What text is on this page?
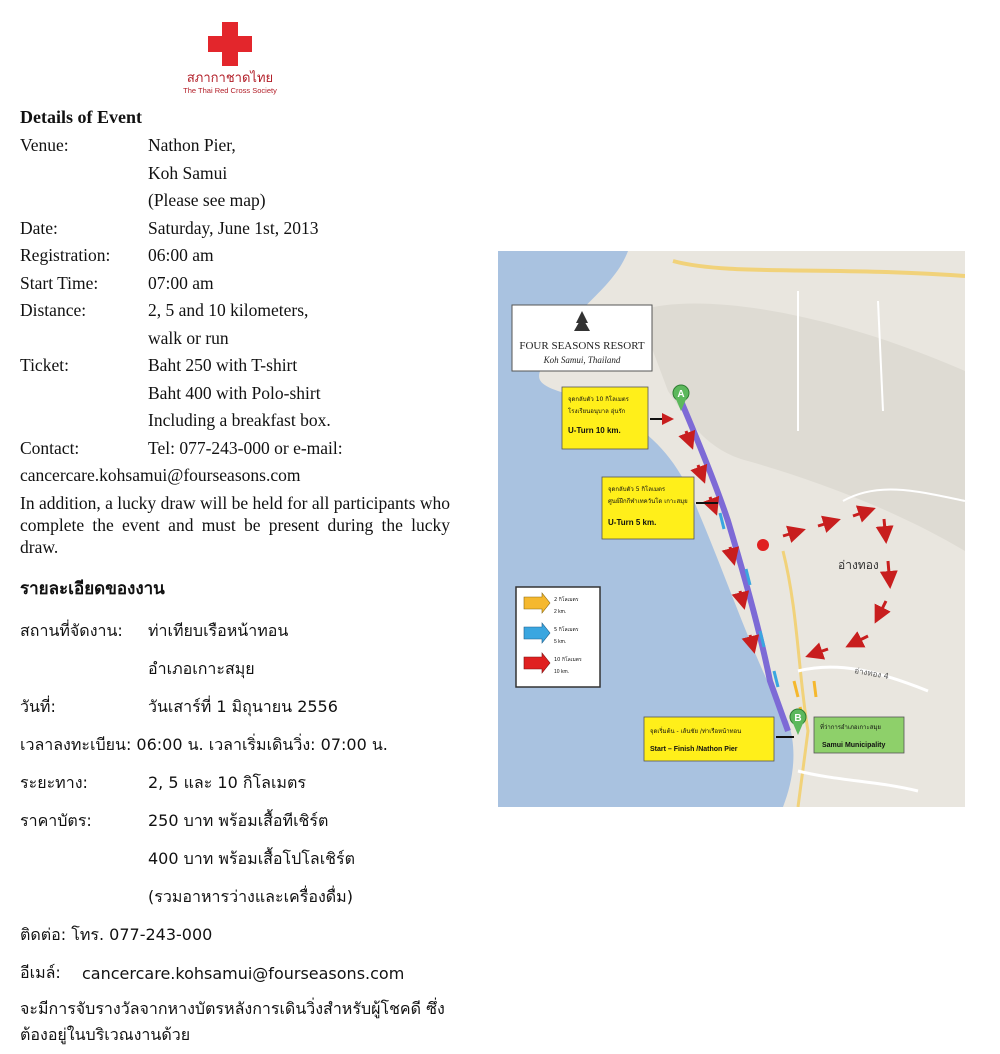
สภากาชาดไทย
The Thai Red Cross Society
Details of Event
Venue:	Nathon Pier,
Koh Samui
(Please see map)
Date:	Saturday, June 1st, 2013
Registration:	06:00 am
Start Time:	07:00 am
Distance:	2, 5 and 10 kilometers,
walk or run
Ticket:	Baht 250 with T-shirt
Baht 400 with Polo-shirt
Including a breakfast box.
Contact:	Tel: 077-243-000 or e-mail:
cancercare.kohsamui@fourseasons.com
In addition, a lucky draw will be held for all participants who complete the event and must be present during the lucky draw.
รายละเอียดของงาน
สถานที่จัดงาน:	ท่าเทียบเรือหน้าทอน
อำเภอเกาะสมุย
วันที่:	วันเสาร์ที่ 1 มิถุนายน 2556
เวลาลงทะเบียน: 06:00 น. เวลาเริ่มเดินวิ่ง: 07:00 น.
ระยะทาง:	2, 5 และ 10 กิโลเมตร
ราคาบัตร:	250 บาท พร้อมเสื้อทีเชิร์ต
400 บาท พร้อมเสื้อโปโลเชิร์ต
(รวมอาหารว่างและเครื่องดื่ม)
ติดต่อ: โทร. 077-243-000
อีเมล์:	cancercare.kohsamui@fourseasons.com
จะมีการจับรางวัลจากหางบัตรหลังการเดินวิ่งสำหรับผู้โชคดี ซึ่งต้องอยู่ในบริเวณงานด้วย
FOUR SEASONS RESORT
Koh Samui, Thailand
จุดกลับตัว 10 กิโลเมตร
โรงเรียนอนุบาล อุ่นรัก
U-Turn 10 km.
จุดกลับตัว 5 กิโลเมตร
ศูนย์ฝึกกีฬาเทควันโด เกาะสมุย
U-Turn 5 km.
จุดเริ่มต้น - เส้นชัย /ท่าเรือหน้าทอน
Start – Finish /Nathon Pier
ที่ว่าการอำเภอเกาะสมุย
Samui Municipality
A
B
อ่างทอง
อ่างทอง 4
2 กิโลเมตร
2 km.
5 กิโลเมตร
5 km.
10 กิโลเมตร
10 km.
